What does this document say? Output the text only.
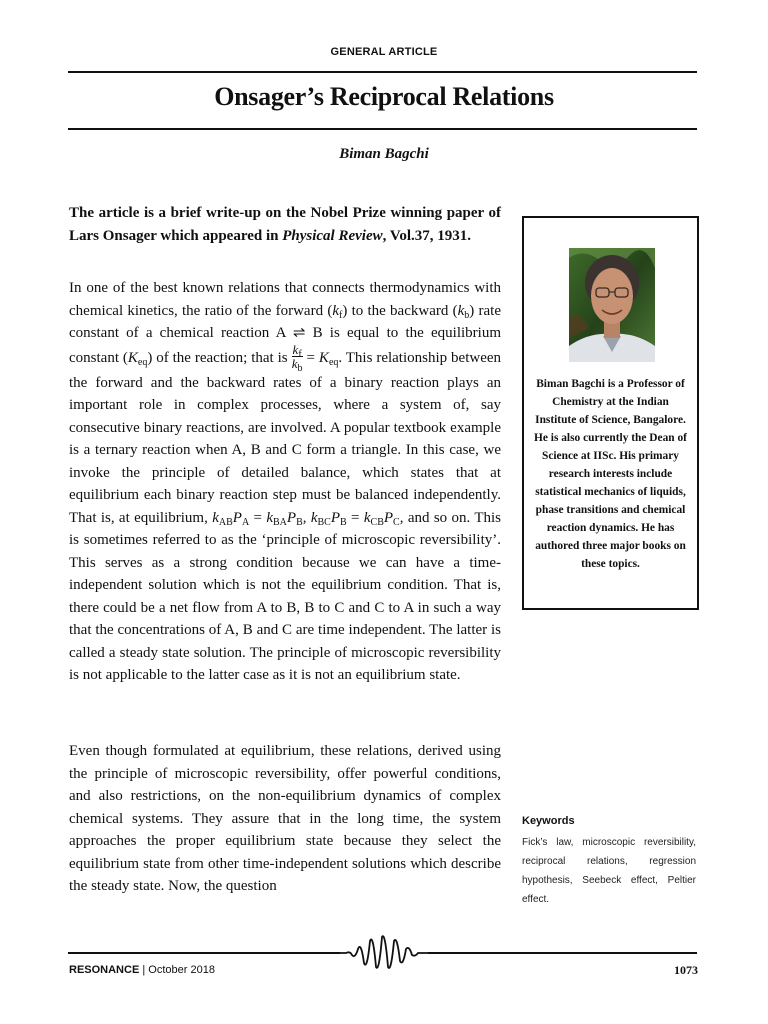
GENERAL ARTICLE
Onsager’s Reciprocal Relations
Biman Bagchi

The article is a brief write-up on the Nobel Prize winning paper of Lars Onsager which appeared in Physical Review, Vol.37, 1931.

In one of the best known relations that connects thermodynamics with chemical kinetics, the ratio of the forward $(k_f)$ to the backward $(k_b)$ rate constant of a chemical reaction A ⇌ B is equal to the equilibrium constant $(K_{eq})$ of the reaction; that is $\frac{k_f}{k_b} = K_{eq}$. This relationship between the forward and the backward rates of a binary reaction plays an important role in complex processes, where a system of, say consecutive binary reactions, are involved. A popular textbook example is a ternary reaction when A, B and C form a triangle. In this case, we invoke the principle of detailed balance, which states that at equilibrium each binary reaction step must be balanced independently. That is, at equilibrium, $k_{AB}P_A = k_{BA}P_B$, $k_{BC}P_B = k_{CB}P_C$, and so on. This is sometimes referred to as the ‘principle of microscopic reversibility’. This serves as a strong condition because we can have a time-independent solution which is not the equilibrium condition. That is, there could be a net flow from A to B, B to C and C to A in such a way that the concentrations of A, B and C are time independent. The latter is called a steady state solution. The principle of microscopic reversibility is not applicable to the latter case as it is not an equilibrium state.

Even though formulated at equilibrium, these relations, derived using the principle of microscopic reversibility, offer powerful conditions, and also restrictions, on the non-equilibrium dynamics of complex chemical systems. They assure that in the long time, the system approaches the proper equilibrium state because they select the equilibrium state from other time-independent solutions which describe the steady state. Now, the question

Biman Bagchi is a Professor of Chemistry at the Indian Institute of Science, Bangalore. He is also currently the Dean of Science at IISc. His primary research interests include statistical mechanics of liquids, phase transitions and chemical reaction dynamics. He has authored three major books on these topics.
Keywords
Fick’s law, microscopic reversibility, reciprocal relations, regression hypothesis, Seebeck effect, Peltier effect.
RESONANCE | October 2018	1073
